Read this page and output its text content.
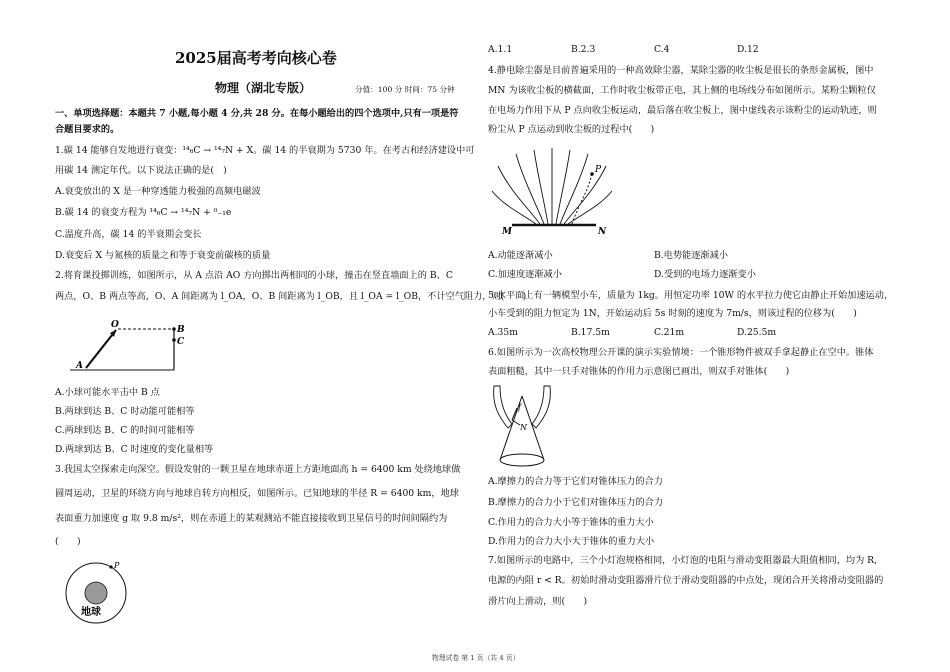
2025届高考考向核心卷
物理（湖北专版）	分值：100 分 时间：75 分钟
一、单项选择题：本题共 7 小题,每小题 4 分,共 28 分。在每小题给出的四个选项中,只有一项是符
合题目要求的。
1.碳 14 能够自发地进行衰变：¹⁴₆C → ¹⁴₇N + X。碳 14 的半衰期为 5730 年。在考古和经济建设中可
用碳 14 测定年代。以下说法正确的是(　)
A.衰变放出的 X 是一种穿透能力极强的高频电磁波
B.碳 14 的衰变方程为 ¹⁴₆C → ¹⁴₇N + ⁰₋₁e
C.温度升高，碳 14 的半衰期会变长
D.衰变后 X 与氮核的质量之和等于衰变前碳核的质量
2.将育课投掷训练，如图所示，从 A 点沿 AO 方向掷出两相同的小球，撞击在竖直墙面上的 B、C
两点，O、B 两点等高，O、A 间距离为 l_OA，O、B 间距离为 l_OB，且 l_OA = l_OB，不计空气阻力，则(　　)
O
A
B
C
A.小球可能水平击中 B 点
B.两球到达 B、C 时动能可能相等
C.两球到达 B、C 的时间可能相等
D.两球到达 B、C 时速度的变化量相等
3.我国太空探索走向深空。假设发射的一颗卫星在地球赤道上方距地面高 h = 6400 km 处绕地球做
圆周运动，卫星的环绕方向与地球自转方向相反，如图所示。已知地球的半径 R = 6400 km，地球
表面重力加速度 g 取 9.8 m/s²，则在赤道上的某观测站不能直接接收到卫星信号的时间间隔约为
(　　)
P
地球
A.1.1	B.2.3	C.4	D.12
4.静电除尘器是目前普遍采用的一种高效除尘器，某除尘器的收尘板是很长的条形金属板，图中
MN 为该收尘板的横截面，工作时收尘板带正电，其上侧的电场线分布如图所示。某粉尘颗粒仅
在电场力作用下从 P 点向收尘板运动，最后落在收尘板上，图中虚线表示该粉尘的运动轨迹，则
粉尘从 P 点运动到收尘板的过程中(　　)
M	N
P
A.动能逐渐减小	B.电势能逐渐减小
C.加速度逐渐减小	D.受到的电场力逐渐变小
5.水平面上有一辆模型小车，质量为 1kg。用恒定功率 10W 的水平拉力使它由静止开始加速运动，
小车受到的阻力恒定为 1N，开始运动后 5s 时刻的速度为 7m/s，则该过程的位移为(　　)
A.35m	B.17.5m	C.21m	D.25.5m
6.如图所示为一次高校物理公开课的演示实验情境：一个锥形物件被双手拿起静止在空中。锥体
表面粗糙，其中一只手对锥体的作用力示意图已画出，则双手对锥体(　　)
f
N
A.摩擦力的合力等于它们对锥体压力的合力
B.摩擦力的合力小于它们对锥体压力的合力
C.作用力的合力大小等于锥体的重力大小
D.作用力的合力大小大于锥体的重力大小
7.如图所示的电路中，三个小灯泡规格相同，小灯泡的电阻与滑动变阻器最大阻值相同，均为 R,
电源的内阻 r < R。初始时滑动变阻器滑片位于滑动变阻器的中点处，现闭合开关将滑动变阻器的
滑片向上滑动，则(　　)
物理试卷 第 1 页（共 4 页）
